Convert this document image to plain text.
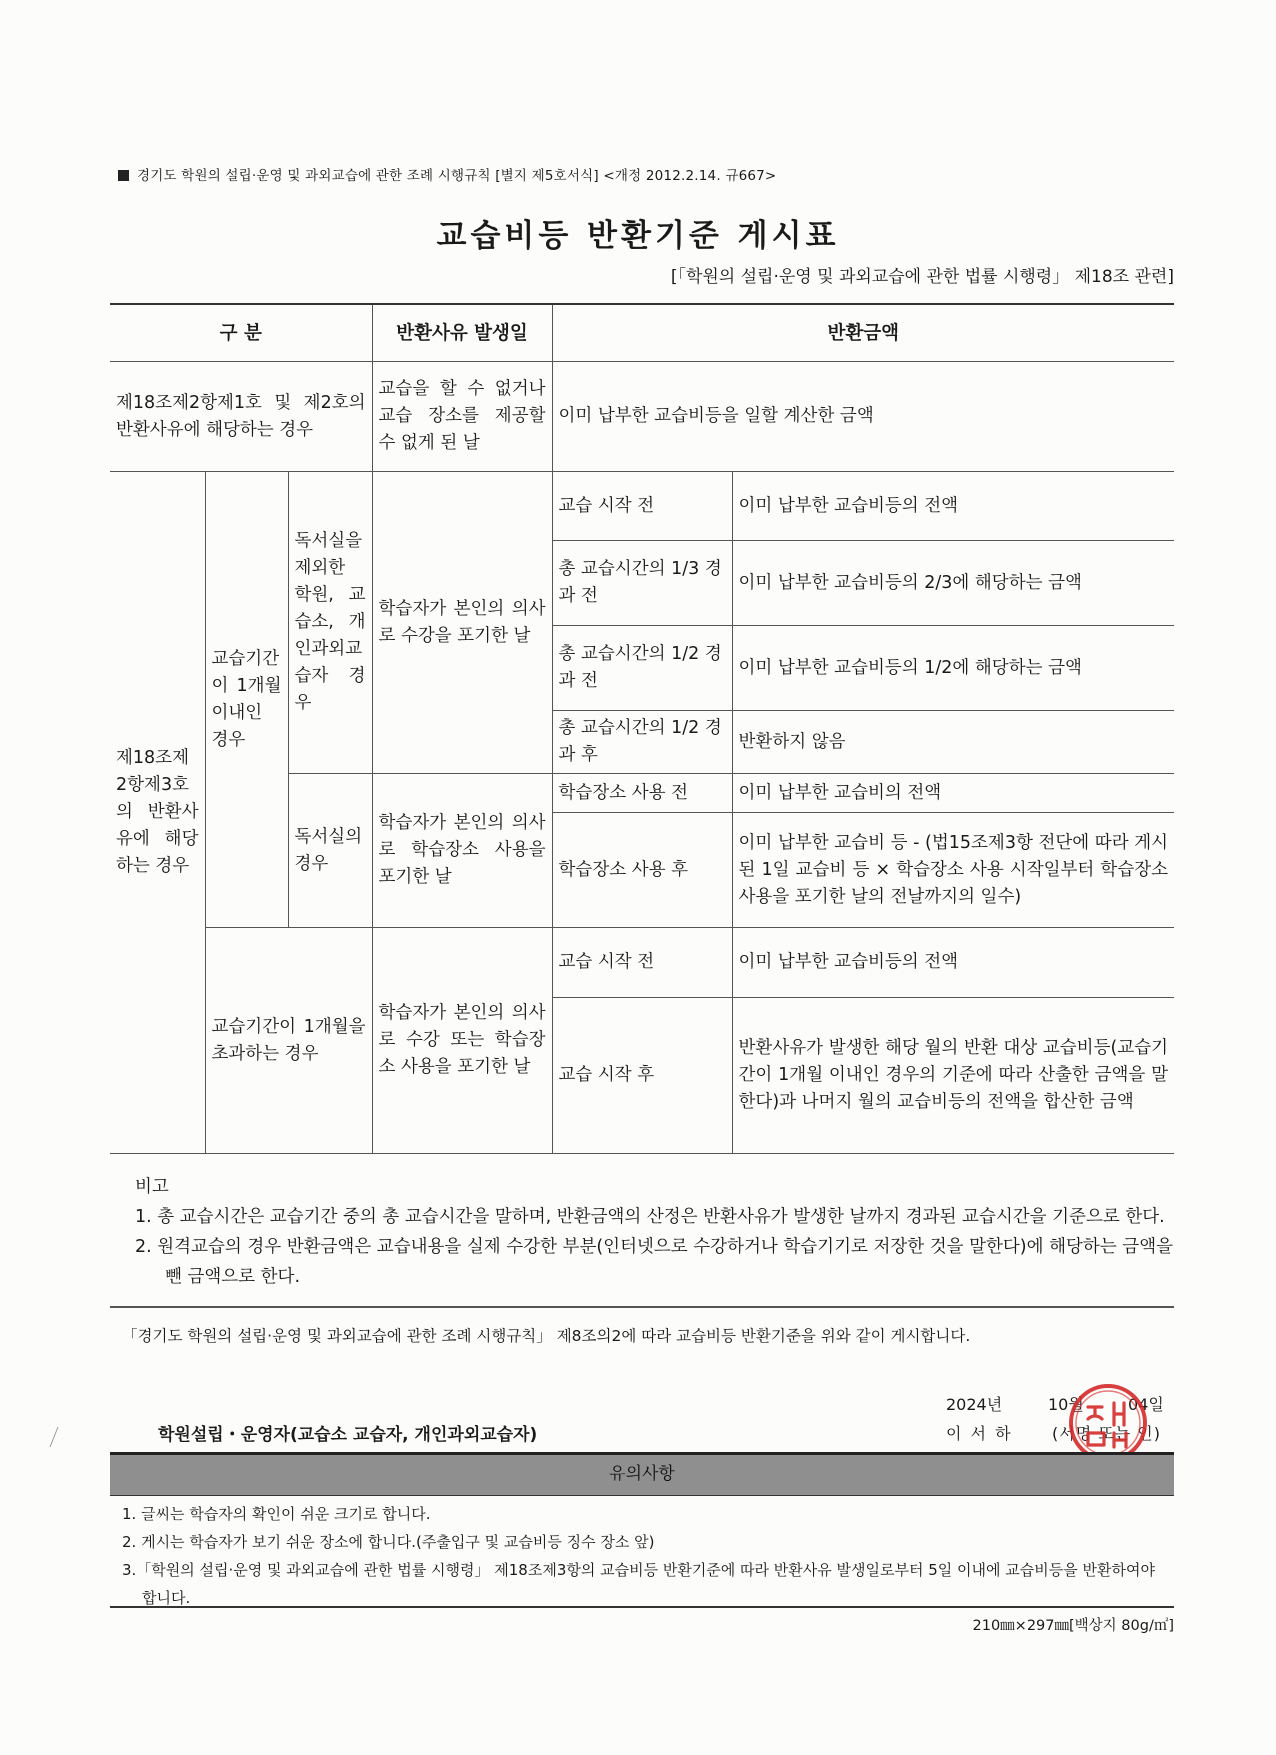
경기도 학원의 설립·운영 및 과외교습에 관한 조례 시행규칙 [별지 제5호서식] <개정 2012.2.14. 규667>
교습비등 반환기준 게시표
[「학원의 설립·운영 및 과외교습에 관한 법률 시행령」 제18조 관련]
구 분			반환사유 발생일	반환금액	
제18조제2항제1호 및 제2호의 반환사유에 해당하는 경우			교습을 할 수 없거나 교습 장소를 제공할 수 없게 된 날	이미 납부한 교습비등을 일할 계산한 금액	
제18조제2항제3호의 반환사유에 해당하는 경우	교습기간이 1개월 이내인 경우	독서실을 제외한 학원, 교습소, 개인과외교습자 경우	학습자가 본인의 의사로 수강을 포기한 날	교습 시작 전	이미 납부한 교습비등의 전액
				총 교습시간의 1/3 경과 전	이미 납부한 교습비등의 2/3에 해당하는 금액
				총 교습시간의 1/2 경과 전	이미 납부한 교습비등의 1/2에 해당하는 금액
				총 교습시간의 1/2 경과 후	반환하지 않음
		독서실의 경우	학습자가 본인의 의사로 학습장소 사용을 포기한 날	학습장소 사용 전	이미 납부한 교습비의 전액
				학습장소 사용 후	이미 납부한 교습비 등 - (법15조제3항 전단에 따라 게시된 1일 교습비 등 × 학습장소 사용 시작일부터 학습장소 사용을 포기한 날의 전날까지의 일수)
	교습기간이 1개월을 초과하는 경우		학습자가 본인의 의사로 수강 또는 학습장소 사용을 포기한 날	교습 시작 전	이미 납부한 교습비등의 전액
				교습 시작 후	반환사유가 발생한 해당 월의 반환 대상 교습비등(교습기간이 1개월 이내인 경우의 기준에 따라 산출한 금액을 말한다)과 나머지 월의 교습비등의 전액을 합산한 금액
비고
1. 총 교습시간은 교습기간 중의 총 교습시간을 말하며, 반환금액의 산정은 반환사유가 발생한 날까지 경과된 교습시간을 기준으로 한다.
2. 원격교습의 경우 반환금액은 교습내용을 실제 수강한 부분(인터넷으로 수강하거나 학습기기로 저장한 것을 말한다)에 해당하는 금액을 뺀 금액으로 한다.
「경기도 학원의 설립·운영 및 과외교습에 관한 조례 시행규칙」 제8조의2에 따라 교습비등 반환기준을 위와 같이 게시합니다.
2024년	10월	04일
학원설립・운영자(교습소 교습자, 개인과외교습자)	이 서 하 (서명 또는 인)
유의사항
1. 글씨는 학습자의 확인이 쉬운 크기로 합니다.
2. 게시는 학습자가 보기 쉬운 장소에 합니다.(주출입구 및 교습비등 징수 장소 앞)
3.「학원의 설립·운영 및 과외교습에 관한 법률 시행령」 제18조제3항의 교습비등 반환기준에 따라 반환사유 발생일로부터 5일 이내에 교습비등을 반환하여야 합니다.
210㎜×297㎜[백상지 80g/㎡]
